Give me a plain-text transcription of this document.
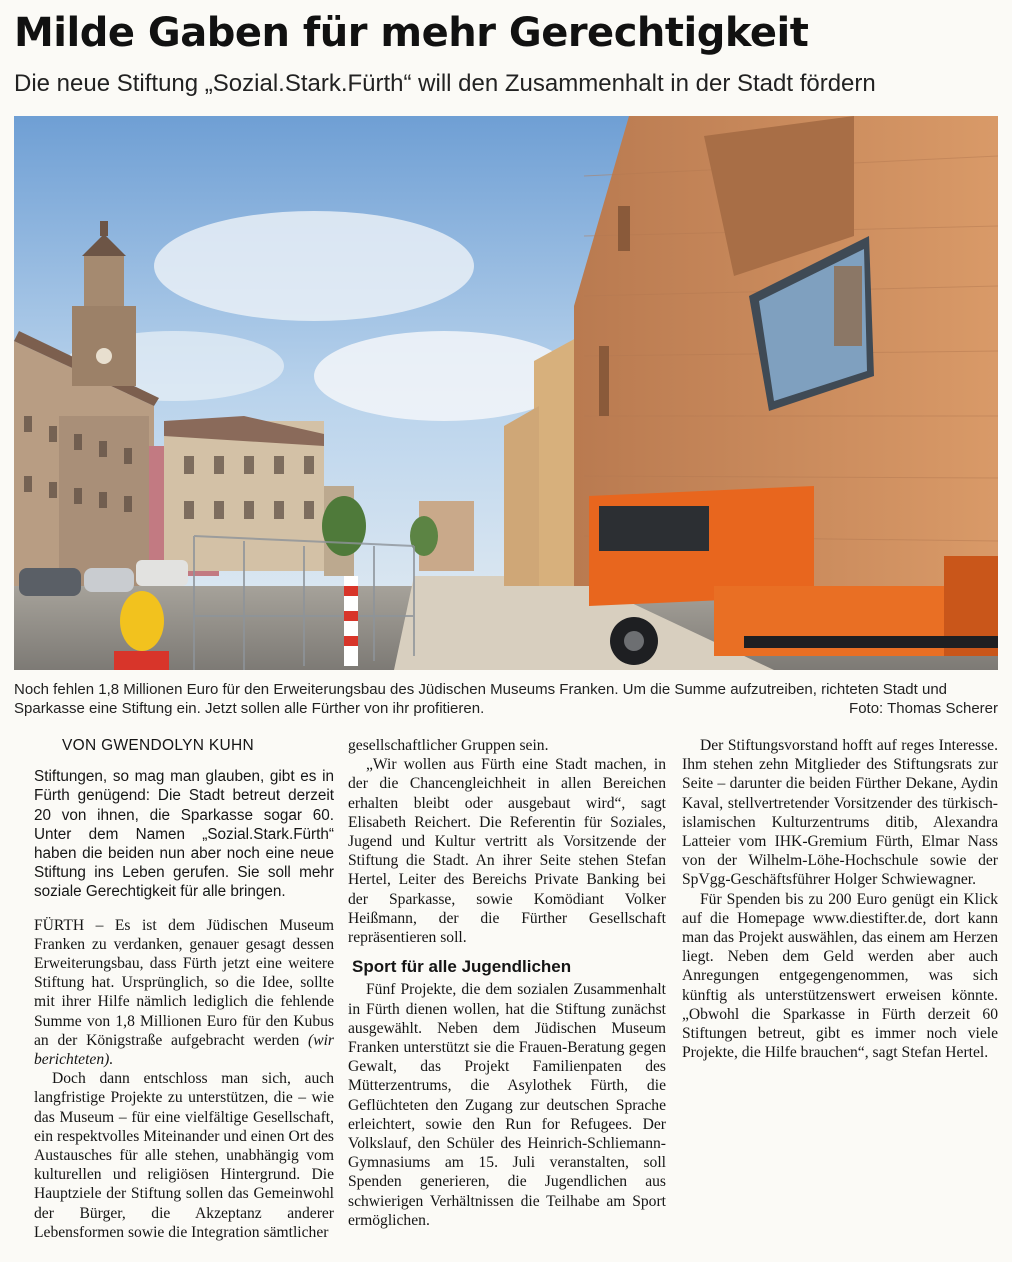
Milde Gaben für mehr Gerechtigkeit
Die neue Stiftung „Sozial.Stark.Fürth“ will den Zusammenhalt in der Stadt fördern
Noch fehlen 1,8 Millionen Euro für den Erweiterungsbau des Jüdischen Museums Franken. Um die Summe aufzutreiben, richteten Stadt und Sparkasse eine Stiftung ein. Jetzt sollen alle Fürther von ihr profitieren.	Foto: Thomas Scherer
VON GWENDOLYN KUHN

Stiftungen, so mag man glauben, gibt es in Fürth genügend: Die Stadt betreut derzeit 20 von ihnen, die Sparkasse sogar 60. Unter dem Namen „Sozial.Stark.Fürth“ haben die beiden nun aber noch eine neue Stiftung ins Leben gerufen. Sie soll mehr soziale Gerechtigkeit für alle bringen.

FÜRTH – Es ist dem Jüdischen Museum Franken zu verdanken, genauer gesagt dessen Erweiterungsbau, dass Fürth jetzt eine weitere Stiftung hat. Ursprünglich, so die Idee, sollte mit ihrer Hilfe nämlich lediglich die fehlende Summe von 1,8 Millionen Euro für den Kubus an der Königstraße aufgebracht werden (wir berichteten).

Doch dann entschloss man sich, auch langfristige Projekte zu unterstützen, die – wie das Museum – für eine vielfältige Gesellschaft, ein respektvolles Miteinander und einen Ort des Austausches für alle stehen, unabhängig vom kulturellen und religiösen Hintergrund. Die Hauptziele der Stiftung sollen das Gemeinwohl der Bürger, die Akzeptanz anderer Lebensformen sowie die Integration sämtlicher

gesellschaftlicher Gruppen sein.

„Wir wollen aus Fürth eine Stadt machen, in der die Chancengleichheit in allen Bereichen erhalten bleibt oder ausgebaut wird“, sagt Elisabeth Reichert. Die Referentin für Soziales, Jugend und Kultur vertritt als Vorsitzende der Stiftung die Stadt. An ihrer Seite stehen Stefan Hertel, Leiter des Bereichs Private Banking bei der Sparkasse, sowie Komödiant Volker Heißmann, der die Fürther Gesellschaft repräsentieren soll.

Sport für alle Jugendlichen

Fünf Projekte, die dem sozialen Zusammenhalt in Fürth dienen wollen, hat die Stiftung zunächst ausgewählt. Neben dem Jüdischen Museum Franken unterstützt sie die Frauen-Beratung gegen Gewalt, das Projekt Familienpaten des Mütterzentrums, die Asylothek Fürth, die Geflüchteten den Zugang zur deutschen Sprache erleichtert, sowie den Run for Refugees. Der Volkslauf, den Schüler des Heinrich-Schliemann-Gymnasiums am 15. Juli veranstalten, soll Spenden generieren, die Jugendlichen aus schwierigen Verhältnissen die Teilhabe am Sport ermöglichen.

Der Stiftungsvorstand hofft auf reges Interesse. Ihm stehen zehn Mitglieder des Stiftungsrats zur Seite – darunter die beiden Fürther Dekane, Aydin Kaval, stellvertretender Vorsitzender des türkisch-islamischen Kulturzentrums ditib, Alexandra Latteier vom IHK-Gremium Fürth, Elmar Nass von der Wilhelm-Löhe-Hochschule sowie der SpVgg-Geschäftsführer Holger Schwiewagner.

Für Spenden bis zu 200 Euro genügt ein Klick auf die Homepage www.diestifter.de, dort kann man das Projekt auswählen, das einem am Herzen liegt. Neben dem Geld werden aber auch Anregungen entgegengenommen, was sich künftig als unterstützenswert erweisen könnte. „Obwohl die Sparkasse in Fürth derzeit 60 Stiftungen betreut, gibt es immer noch viele Projekte, die Hilfe brauchen“, sagt Stefan Hertel.
